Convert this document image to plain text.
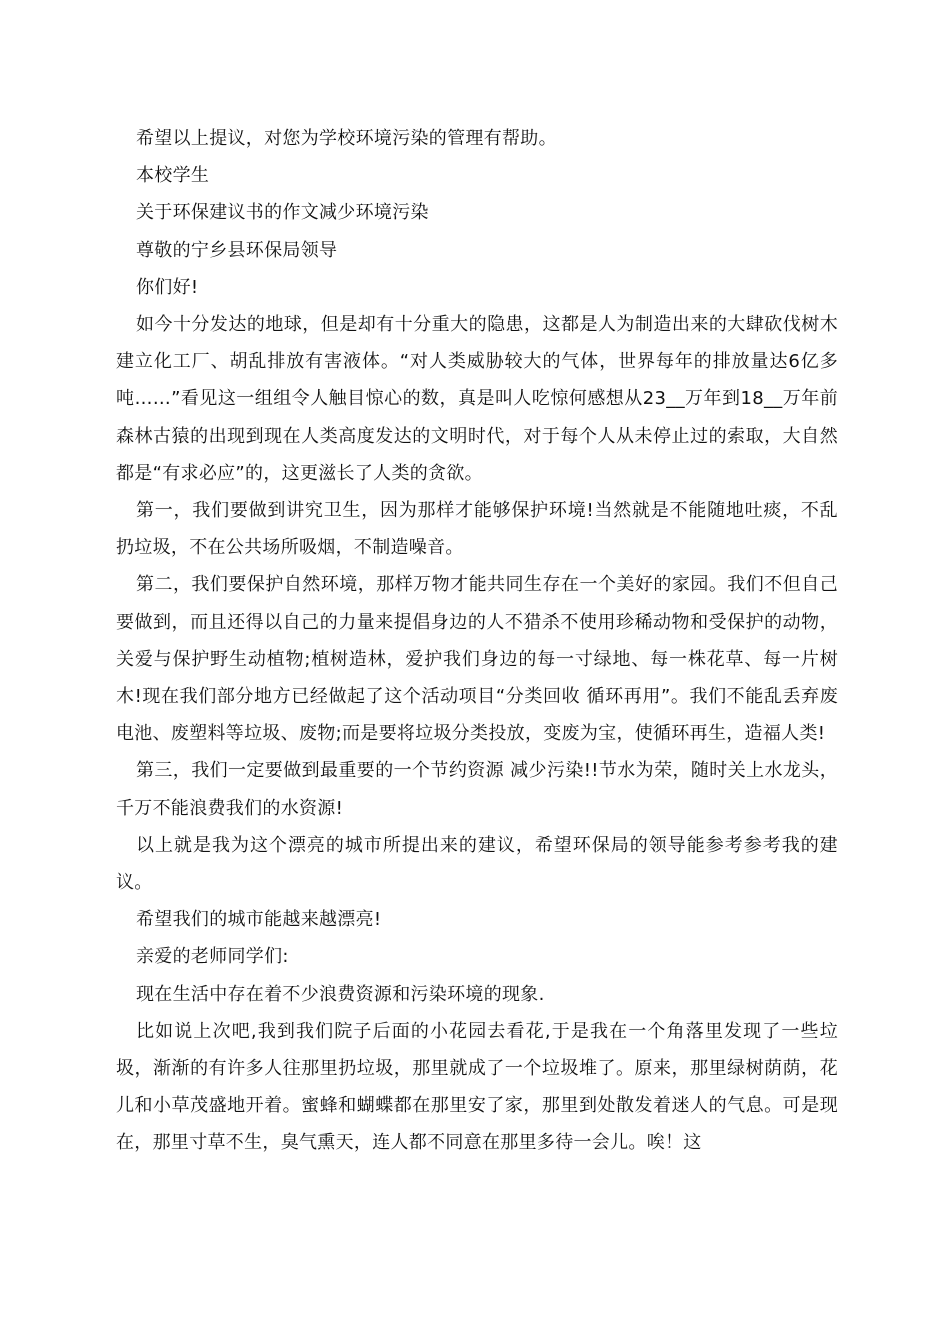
希望以上提议，对您为学校环境污染的管理有帮助。

本校学生

关于环保建议书的作文减少环境污染

尊敬的宁乡县环保局领导

你们好!

如今十分发达的地球，但是却有十分重大的隐患，这都是人为制造出来的大肆砍伐树木建立化工厂、胡乱排放有害液体。“对人类威胁较大的气体，世界每年的排放量达6亿多吨……”看见这一组组令人触目惊心的数，真是叫人吃惊何感想从23__万年到18__万年前森林古猿的出现到现在人类高度发达的文明时代，对于每个人从未停止过的索取，大自然都是“有求必应”的，这更滋长了人类的贪欲。

第一，我们要做到讲究卫生，因为那样才能够保护环境!当然就是不能随地吐痰，不乱扔垃圾，不在公共场所吸烟，不制造噪音。

第二，我们要保护自然环境，那样万物才能共同生存在一个美好的家园。我们不但自己要做到，而且还得以自己的力量来提倡身边的人不猎杀不使用珍稀动物和受保护的动物，关爱与保护野生动植物;植树造林，爱护我们身边的每一寸绿地、每一株花草、每一片树木!现在我们部分地方已经做起了这个活动项目“分类回收 循环再用”。我们不能乱丢弃废电池、废塑料等垃圾、废物;而是要将垃圾分类投放，变废为宝，使循环再生，造福人类!

第三，我们一定要做到最重要的一个节约资源 减少污染!!节水为荣，随时关上水龙头，千万不能浪费我们的水资源!

以上就是我为这个漂亮的城市所提出来的建议，希望环保局的领导能参考参考我的建议。

希望我们的城市能越来越漂亮!

亲爱的老师同学们:

现在生活中存在着不少浪费资源和污染环境的现象.

比如说上次吧,我到我们院子后面的小花园去看花,于是我在一个角落里发现了一些垃圾，渐渐的有许多人往那里扔垃圾，那里就成了一个垃圾堆了。原来，那里绿树荫荫，花儿和小草茂盛地开着。蜜蜂和蝴蝶都在那里安了家，那里到处散发着迷人的气息。可是现在，那里寸草不生，臭气熏天，连人都不同意在那里多待一会儿。唉！这
